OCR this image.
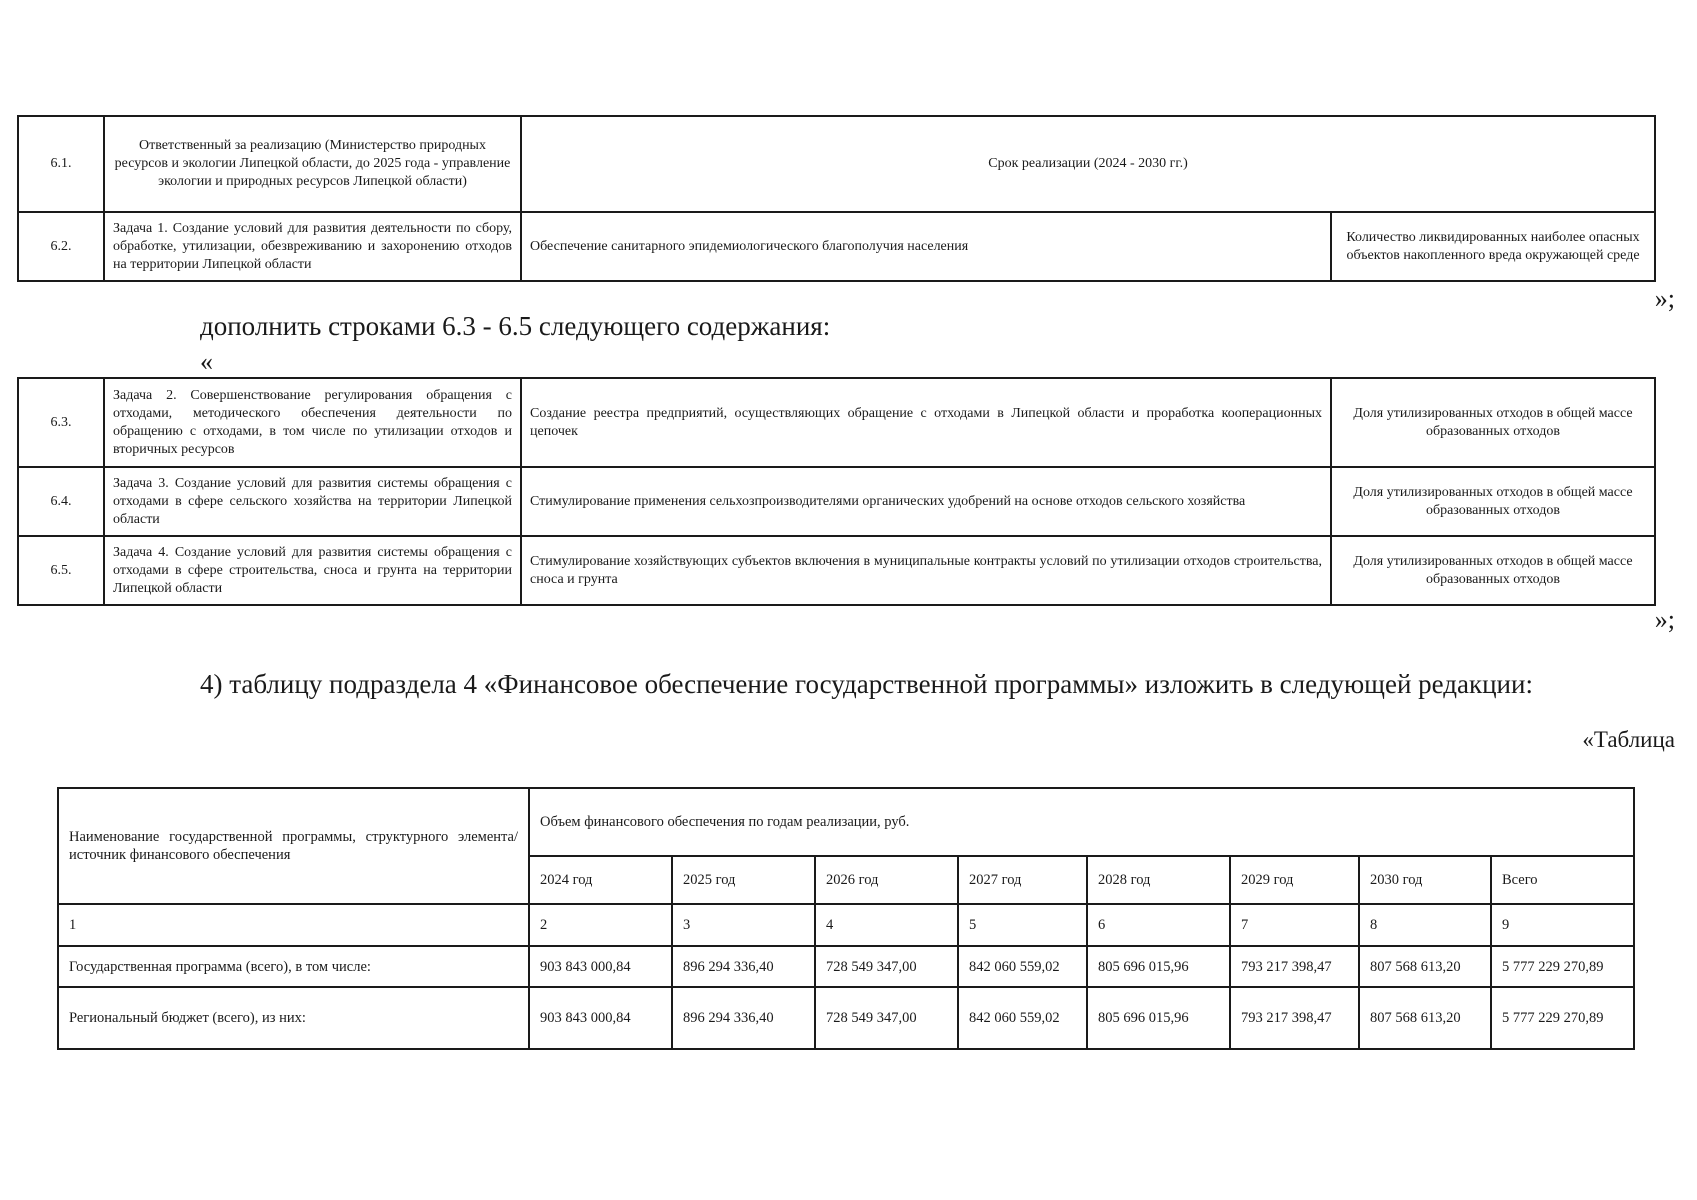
6.1.	Ответственный за реализацию (Министерство природных ресурсов и экологии Липецкой области, до 2025 года - управление экологии и природных ресурсов Липецкой области)	Срок реализации (2024 - 2030 гг.)	
6.2.	Задача 1. Создание условий для развития деятельности по сбору, обработке, утилизации, обезвреживанию и захоронению отходов на территории Липецкой области	Обеспечение санитарного эпидемиологического благополучия населения	Количество ликвидированных наиболее опасных объектов накопленного вреда окружающей среде
»;
дополнить строками 6.3 - 6.5 следующего содержания:
«
6.3.	Задача 2. Совершенствование регулирования обращения с отходами, методического обеспечения деятельности по обращению с отходами, в том числе по утилизации отходов и вторичных ресурсов	Создание реестра предприятий, осуществляющих обращение с отходами в Липецкой области и проработка кооперационных цепочек	Доля утилизированных отходов в общей массе образованных отходов
6.4.	Задача 3. Создание условий для развития системы обращения с отходами в сфере сельского хозяйства на территории Липецкой области	Стимулирование применения сельхозпроизводителями органических удобрений на основе отходов сельского хозяйства	Доля утилизированных отходов в общей массе образованных отходов
6.5.	Задача 4. Создание условий для развития системы обращения с отходами в сфере строительства, сноса и грунта на территории Липецкой области	Стимулирование хозяйствующих субъектов включения в муниципальные контракты условий по утилизации отходов строительства, сноса и грунта	Доля утилизированных отходов в общей массе образованных отходов
»;
4) таблицу подраздела 4 «Финансовое обеспечение государственной программы» изложить в следующей редакции:
«Таблица
Наименование государственной программы, структурного элемента/источник финансового обеспечения	Объем финансового обеспечения по годам реализации, руб.							
	2024 год	2025 год	2026 год	2027 год	2028 год	2029 год	2030 год	Всего
1	2	3	4	5	6	7	8	9
Государственная программа (всего), в том числе:	903 843 000,84	896 294 336,40	728 549 347,00	842 060 559,02	805 696 015,96	793 217 398,47	807 568 613,20	5 777 229 270,89
Региональный бюджет (всего), из них:	903 843 000,84	896 294 336,40	728 549 347,00	842 060 559,02	805 696 015,96	793 217 398,47	807 568 613,20	5 777 229 270,89
